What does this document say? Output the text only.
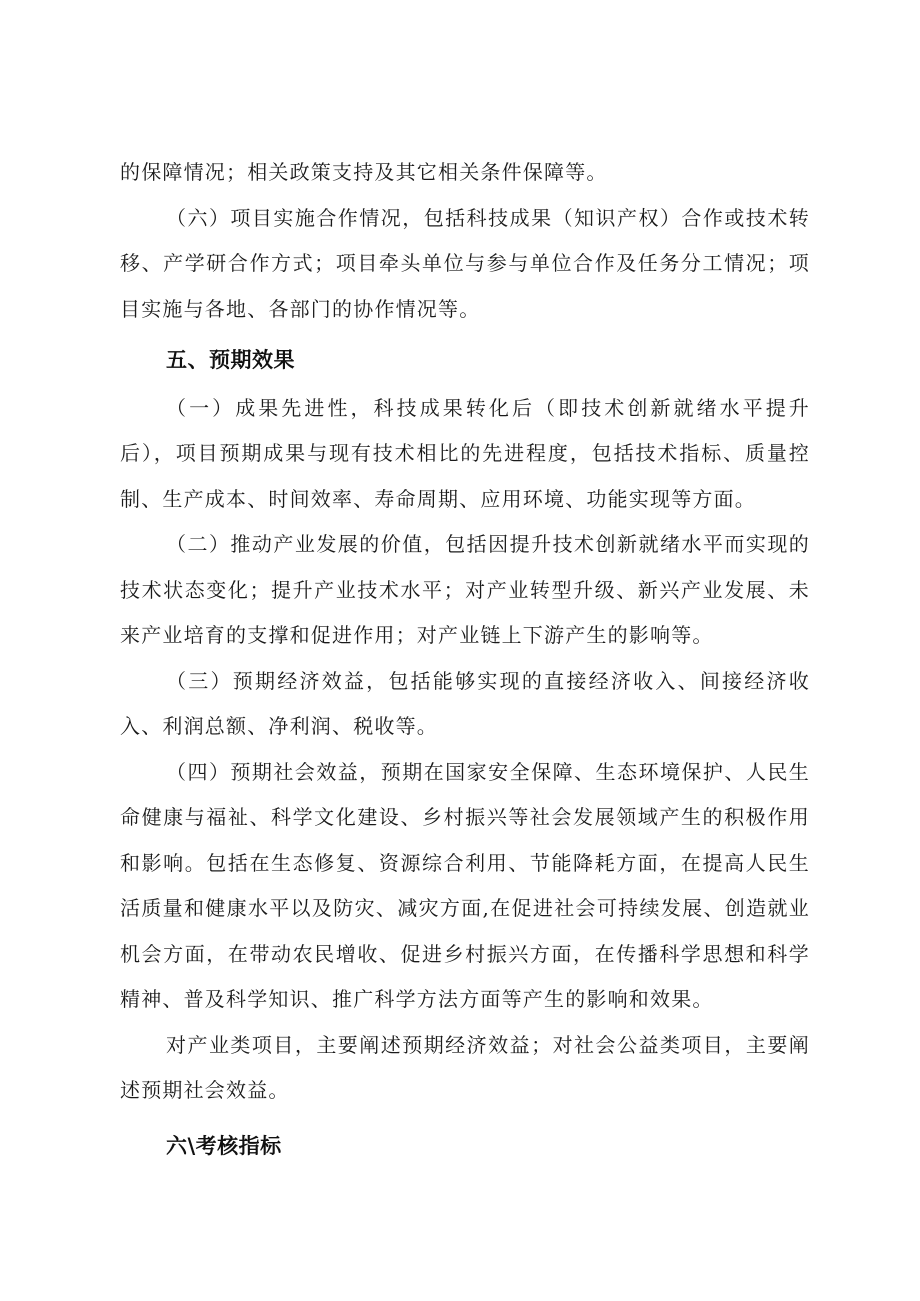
的保障情况；相关政策支持及其它相关条件保障等。

（六）项目实施合作情况，包括科技成果（知识产权）合作或技术转移、产学研合作方式；项目牵头单位与参与单位合作及任务分工情况；项目实施与各地、各部门的协作情况等。

五、预期效果

（一）成果先进性，科技成果转化后（即技术创新就绪水平提升后），项目预期成果与现有技术相比的先进程度，包括技术指标、质量控制、生产成本、时间效率、寿命周期、应用环境、功能实现等方面。

（二）推动产业发展的价值，包括因提升技术创新就绪水平而实现的技术状态变化；提升产业技术水平；对产业转型升级、新兴产业发展、未来产业培育的支撑和促进作用；对产业链上下游产生的影响等。

（三）预期经济效益，包括能够实现的直接经济收入、间接经济收入、利润总额、净利润、税收等。

（四）预期社会效益，预期在国家安全保障、生态环境保护、人民生命健康与福祉、科学文化建设、乡村振兴等社会发展领域产生的积极作用和影响。包括在生态修复、资源综合利用、节能降耗方面，在提高人民生活质量和健康水平以及防灾、减灾方面,在促进社会可持续发展、创造就业机会方面，在带动农民增收、促进乡村振兴方面，在传播科学思想和科学精神、普及科学知识、推广科学方法方面等产生的影响和效果。

对产业类项目，主要阐述预期经济效益；对社会公益类项目，主要阐述预期社会效益。

六\考核指标
